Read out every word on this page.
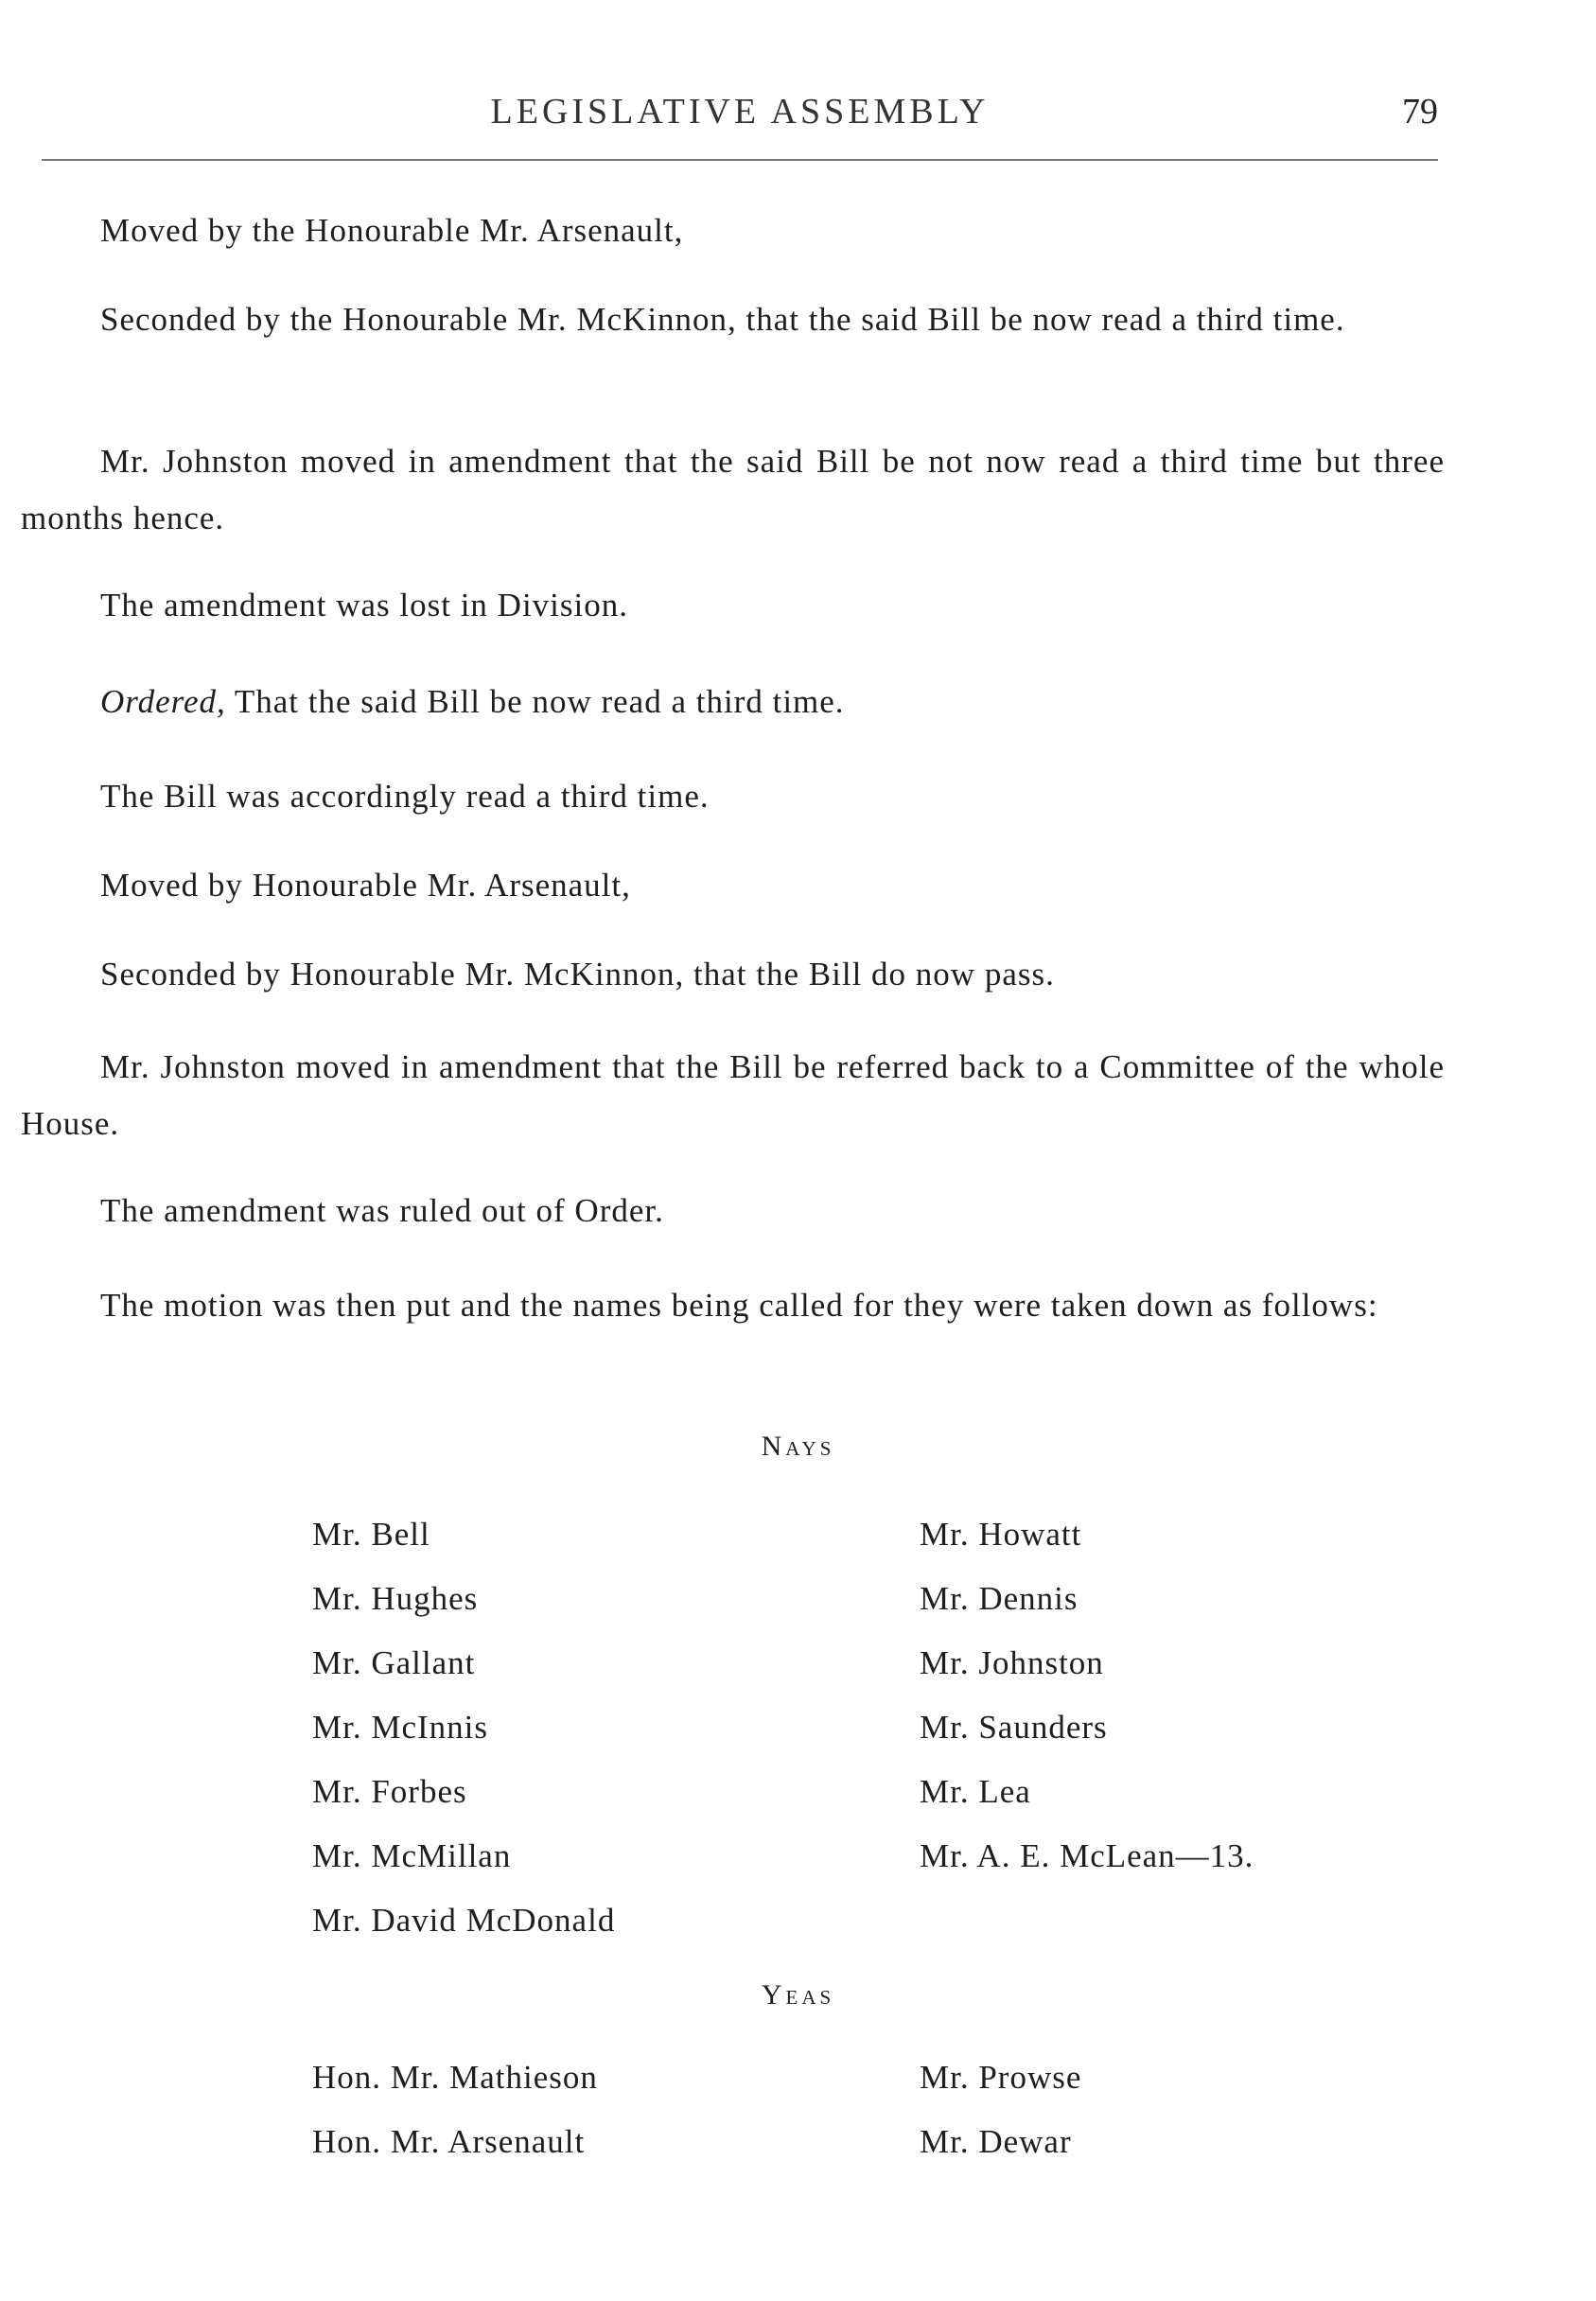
LEGISLATIVE ASSEMBLY	79

Moved by the Honourable Mr. Arsenault,

Seconded by the Honourable Mr. McKinnon, that the said Bill be now read a third time.

Mr. Johnston moved in amendment that the said Bill be not now read a third time but three months hence.

The amendment was lost in Division.

Ordered, That the said Bill be now read a third time.

The Bill was accordingly read a third time.

Moved by Honourable Mr. Arsenault,

Seconded by Honourable Mr. McKinnon, that the Bill do now pass.

Mr. Johnston moved in amendment that the Bill be referred back to a Committee of the whole House.

The amendment was ruled out of Order.

The motion was then put and the names being called for they were taken down as follows:

Nays
Mr. Bell
Mr. Hughes
Mr. Gallant
Mr. McInnis
Mr. Forbes
Mr. McMillan
Mr. David McDonald
Mr. Howatt
Mr. Dennis
Mr. Johnston
Mr. Saunders
Mr. Lea
Mr. A. E. McLean—13.
Yeas
Hon. Mr. Mathieson
Hon. Mr. Arsenault
Mr. Prowse
Mr. Dewar
